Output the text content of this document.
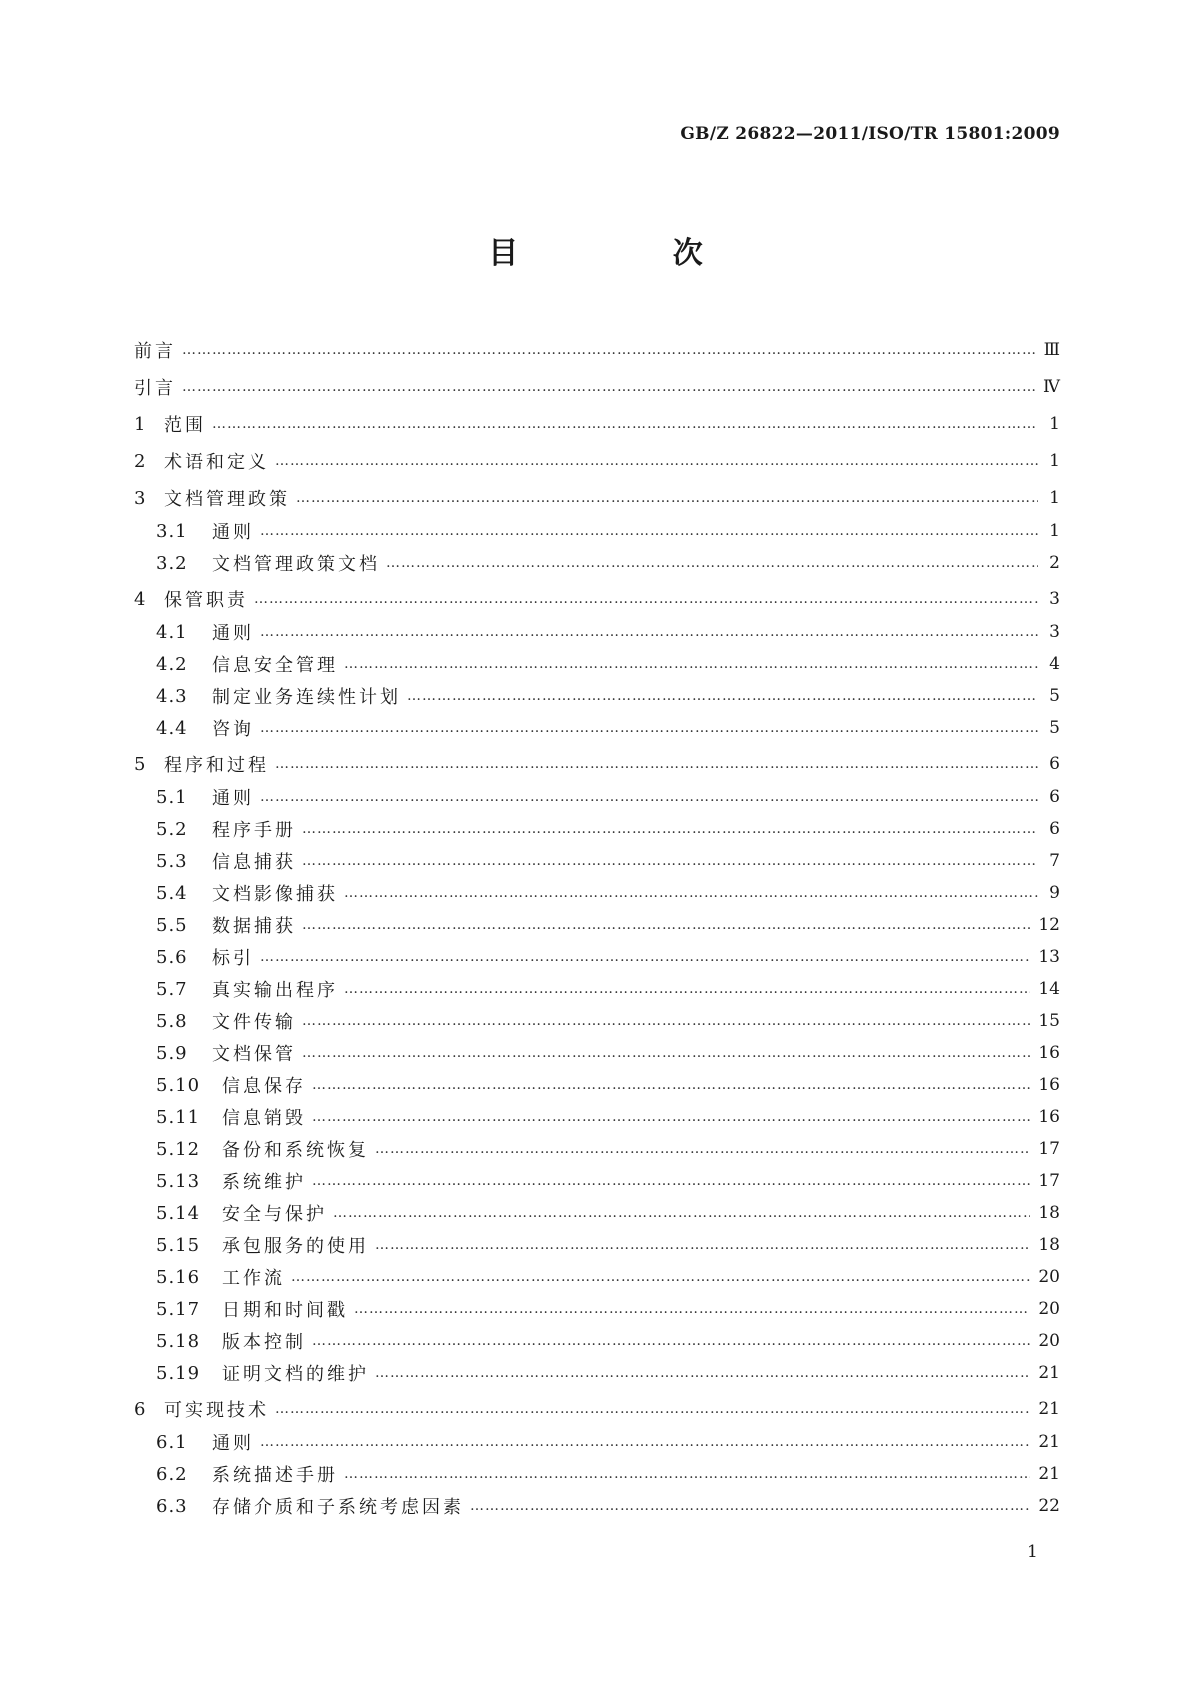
GB/Z 26822—2011/ISO/TR 15801:2009
目 次
前言 …………………………………………………………………………………………………………………………………………………………………………………………………………………………………………………	Ⅲ
引言 …………………………………………………………………………………………………………………………………………………………………………………………………………………………………………………	Ⅳ
1 范围 …………………………………………………………………………………………………………………………………………………………………………………………………………………………………………………	1
2 术语和定义 …………………………………………………………………………………………………………………………………………………………………………………………………………………………………………………	1
3 文档管理政策 …………………………………………………………………………………………………………………………………………………………………………………………………………………………………………………	1
3.1	通则 …………………………………………………………………………………………………………………………………………………………………………………………………………………………………………………	1
3.2	文档管理政策文档 …………………………………………………………………………………………………………………………………………………………………………………………………………………………………………………	2
4 保管职责 …………………………………………………………………………………………………………………………………………………………………………………………………………………………………………………	3
4.1	通则 …………………………………………………………………………………………………………………………………………………………………………………………………………………………………………………	3
4.2	信息安全管理 …………………………………………………………………………………………………………………………………………………………………………………………………………………………………………………	4
4.3	制定业务连续性计划 …………………………………………………………………………………………………………………………………………………………………………………………………………………………………………………	5
4.4	咨询 …………………………………………………………………………………………………………………………………………………………………………………………………………………………………………………	5
5 程序和过程 …………………………………………………………………………………………………………………………………………………………………………………………………………………………………………………	6
5.1	通则 …………………………………………………………………………………………………………………………………………………………………………………………………………………………………………………	6
5.2	程序手册 …………………………………………………………………………………………………………………………………………………………………………………………………………………………………………………	6
5.3	信息捕获 …………………………………………………………………………………………………………………………………………………………………………………………………………………………………………………	7
5.4	文档影像捕获 …………………………………………………………………………………………………………………………………………………………………………………………………………………………………………………	9
5.5	数据捕获 …………………………………………………………………………………………………………………………………………………………………………………………………………………………………………………	12
5.6	标引 …………………………………………………………………………………………………………………………………………………………………………………………………………………………………………………	13
5.7	真实输出程序 …………………………………………………………………………………………………………………………………………………………………………………………………………………………………………………	14
5.8	文件传输 …………………………………………………………………………………………………………………………………………………………………………………………………………………………………………………	15
5.9	文档保管 …………………………………………………………………………………………………………………………………………………………………………………………………………………………………………………	16
5.10	信息保存 …………………………………………………………………………………………………………………………………………………………………………………………………………………………………………………	16
5.11	信息销毁 …………………………………………………………………………………………………………………………………………………………………………………………………………………………………………………	16
5.12	备份和系统恢复 …………………………………………………………………………………………………………………………………………………………………………………………………………………………………………………	17
5.13	系统维护 …………………………………………………………………………………………………………………………………………………………………………………………………………………………………………………	17
5.14	安全与保护 …………………………………………………………………………………………………………………………………………………………………………………………………………………………………………………	18
5.15	承包服务的使用 …………………………………………………………………………………………………………………………………………………………………………………………………………………………………………………	18
5.16	工作流 …………………………………………………………………………………………………………………………………………………………………………………………………………………………………………………	20
5.17	日期和时间戳 …………………………………………………………………………………………………………………………………………………………………………………………………………………………………………………	20
5.18	版本控制 …………………………………………………………………………………………………………………………………………………………………………………………………………………………………………………	20
5.19	证明文档的维护 …………………………………………………………………………………………………………………………………………………………………………………………………………………………………………………	21
6 可实现技术 …………………………………………………………………………………………………………………………………………………………………………………………………………………………………………………	21
6.1	通则 …………………………………………………………………………………………………………………………………………………………………………………………………………………………………………………	21
6.2	系统描述手册 …………………………………………………………………………………………………………………………………………………………………………………………………………………………………………………	21
6.3	存储介质和子系统考虑因素 …………………………………………………………………………………………………………………………………………………………………………………………………………………………………………………	22
1
